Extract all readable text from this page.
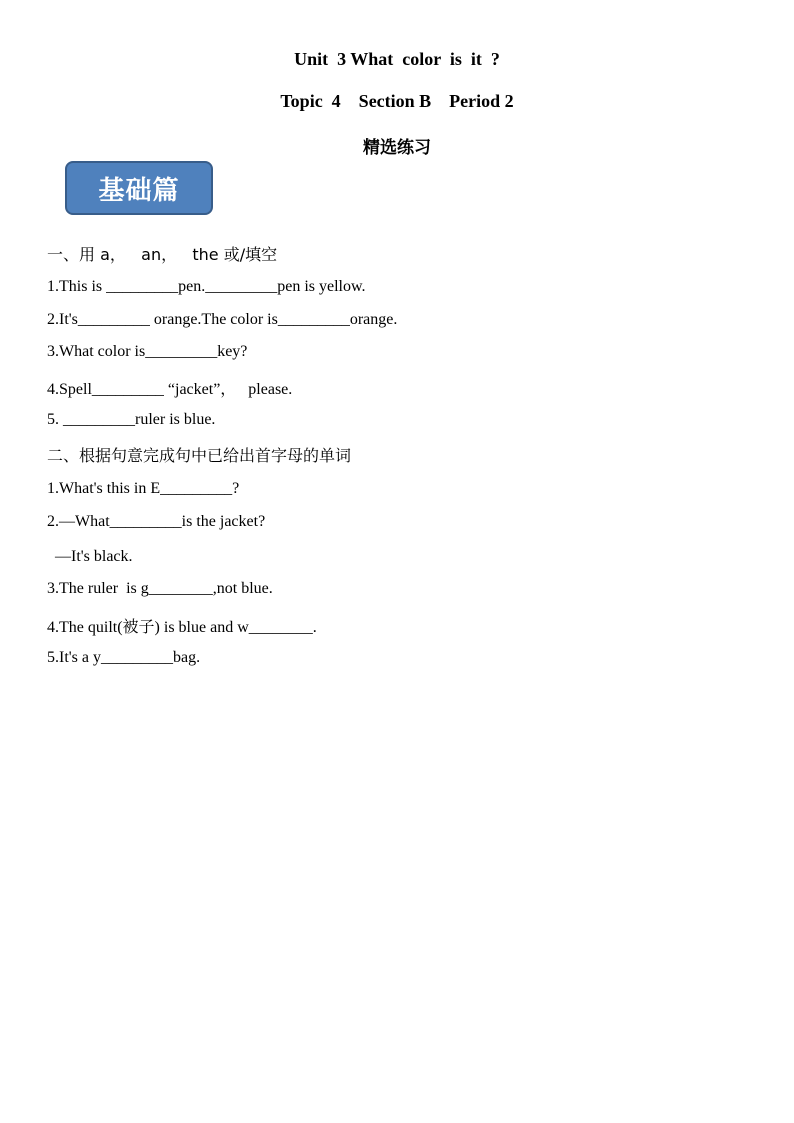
Unit  3 What  color  is  it  ?
Topic  4    Section B    Period 2
精选练习
基础篇
一、用 a，   an，   the 或/填空
1.This is _________pen._________pen is yellow.
2.It's_________ orange.The color is_________orange.
3.What color is_________key?
4.Spell_________ “jacket”，   please.
5. _________ruler is blue.
二、根据句意完成句中已给出首字母的单词
1.What's this in E_________?
2.—What_________is the jacket?
—It's black.
3.The ruler  is g________,not blue.
4.The quilt(被子) is blue and w________.
5.It's a y_________bag.
